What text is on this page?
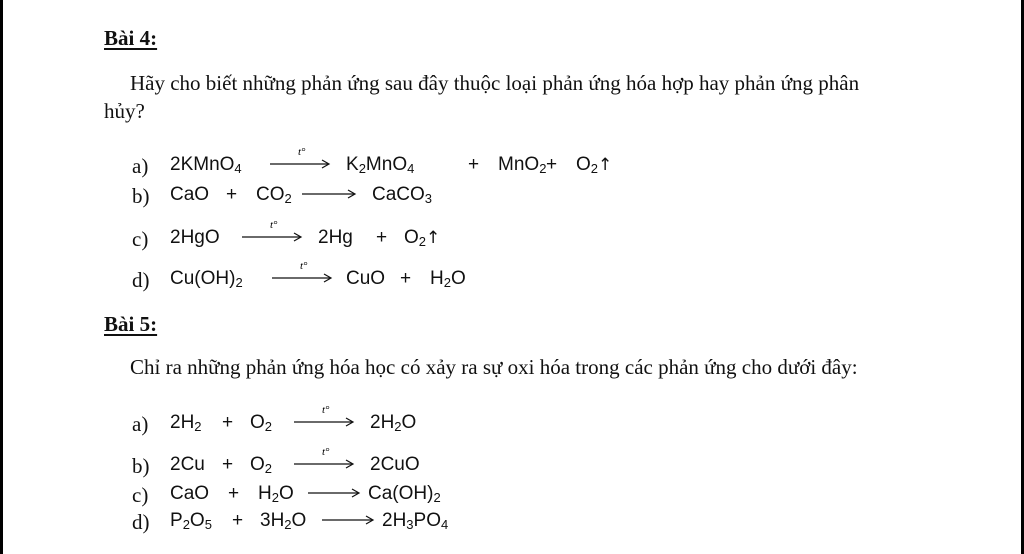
Bài 4:
Hãy cho biết những phản ứng sau đây thuộc loại phản ứng hóa hợp hay phản ứng phân
hủy?
a) 2KMnO$_4$
t°
$K_2MnO_4$	+ $MnO_2 + O_2↑$
b) CaO + $CO_2$	CaCO$_3$
c) 2HgO
t°
$2Hg + O_2↑$
d) $Cu(OH)_2$
t°
CuO + $H_2O$
Bài 5:
Chỉ ra những phản ứng hóa học có xảy ra sự oxi hóa trong các phản ứng cho dưới đây:
a) $2H_2 + O_2$
t°
$2H_2O$
b) $2Cu + O_2$
t°
2CuO
c) CaO + $H_2O$	$Ca(OH)_2$
d) $P_2O_5 + 3H_2O$	$2H_3PO_4$
